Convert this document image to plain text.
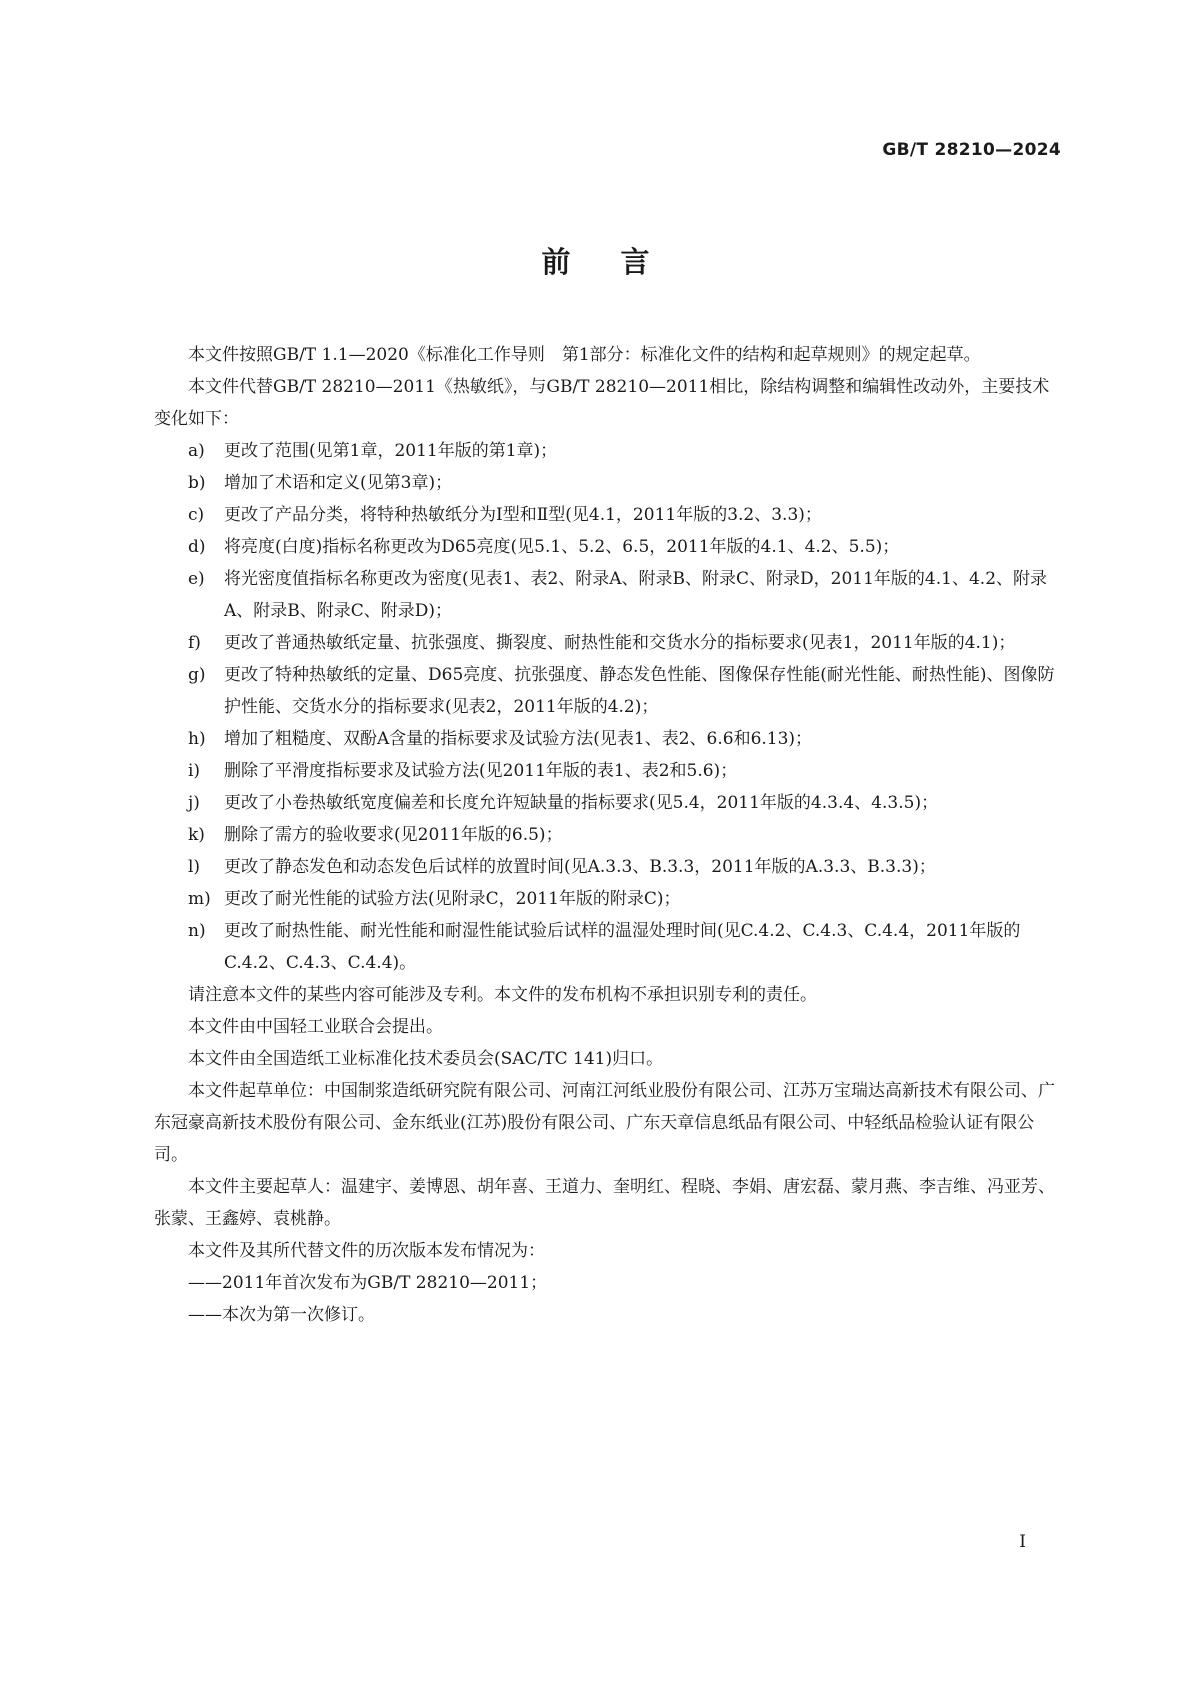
GB/T 28210—2024
前 言

本文件按照GB/T 1.1—2020《标准化工作导则　第1部分：标准化文件的结构和起草规则》的规定起草。

本文件代替GB/T 28210—2011《热敏纸》，与GB/T 28210—2011相比，除结构调整和编辑性改动外，主要技术变化如下：

a)	更改了范围(见第1章，2011年版的第1章)；
b)	增加了术语和定义(见第3章)；
c)	更改了产品分类，将特种热敏纸分为Ⅰ型和Ⅱ型(见4.1，2011年版的3.2、3.3)；
d)	将亮度(白度)指标名称更改为D65亮度(见5.1、5.2、6.5，2011年版的4.1、4.2、5.5)；
e)	将光密度值指标名称更改为密度(见表1、表2、附录A、附录B、附录C、附录D，2011年版的4.1、4.2、附录A、附录B、附录C、附录D)；
f)	更改了普通热敏纸定量、抗张强度、撕裂度、耐热性能和交货水分的指标要求(见表1，2011年版的4.1)；
g)	更改了特种热敏纸的定量、D65亮度、抗张强度、静态发色性能、图像保存性能(耐光性能、耐热性能)、图像防护性能、交货水分的指标要求(见表2，2011年版的4.2)；
h)	增加了粗糙度、双酚A含量的指标要求及试验方法(见表1、表2、6.6和6.13)；
i)	删除了平滑度指标要求及试验方法(见2011年版的表1、表2和5.6)；
j)	更改了小卷热敏纸宽度偏差和长度允许短缺量的指标要求(见5.4，2011年版的4.3.4、4.3.5)；
k)	删除了需方的验收要求(见2011年版的6.5)；
l)	更改了静态发色和动态发色后试样的放置时间(见A.3.3、B.3.3，2011年版的A.3.3、B.3.3)；
m) 更改了耐光性能的试验方法(见附录C，2011年版的附录C)；
n)	更改了耐热性能、耐光性能和耐湿性能试验后试样的温湿处理时间(见C.4.2、C.4.3、C.4.4，2011年版的C.4.2、C.4.3、C.4.4)。

请注意本文件的某些内容可能涉及专利。本文件的发布机构不承担识别专利的责任。

本文件由中国轻工业联合会提出。

本文件由全国造纸工业标准化技术委员会(SAC/TC 141)归口。

本文件起草单位：中国制浆造纸研究院有限公司、河南江河纸业股份有限公司、江苏万宝瑞达高新技术有限公司、广东冠豪高新技术股份有限公司、金东纸业(江苏)股份有限公司、广东天章信息纸品有限公司、中轻纸品检验认证有限公司。

本文件主要起草人：温建宇、姜博恩、胡年喜、王道力、奎明红、程晓、李娟、唐宏磊、蒙月燕、李吉维、冯亚芳、张蒙、王鑫婷、袁桃静。

本文件及其所代替文件的历次版本发布情况为：

——2011年首次发布为GB/T 28210—2011；

——本次为第一次修订。

Ⅰ
